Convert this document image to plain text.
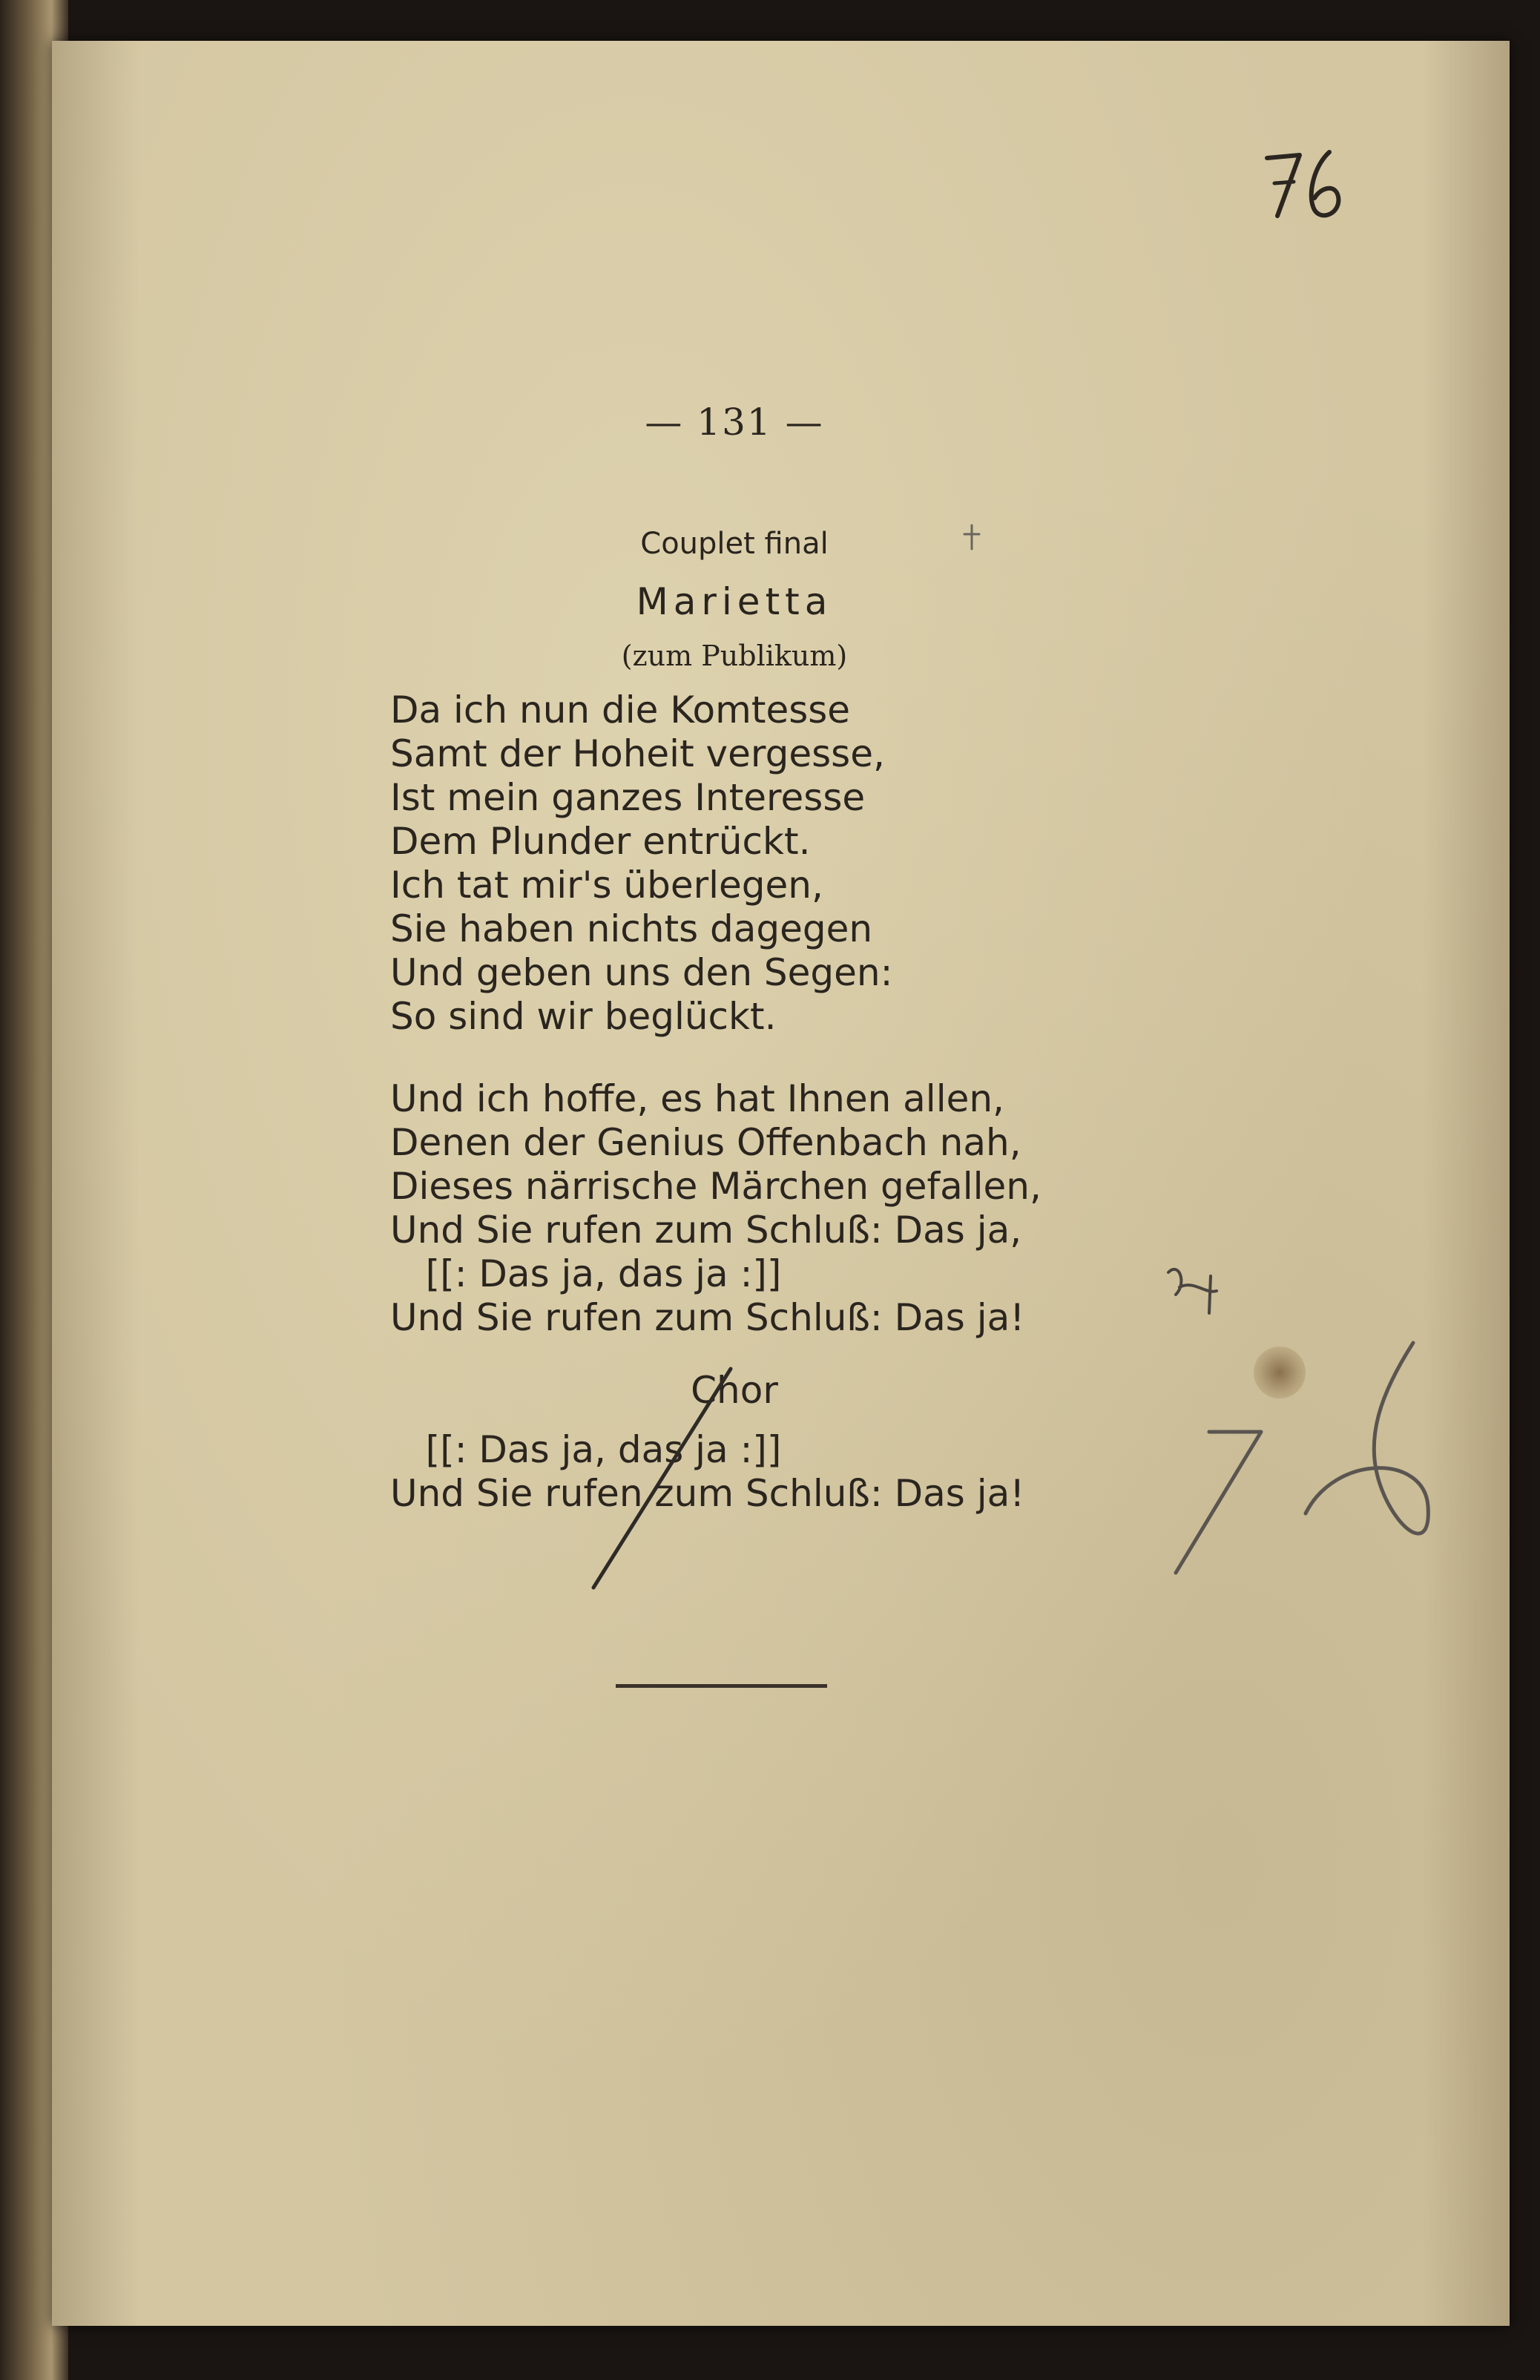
— 131 —
Couplet final
Marietta
(zum Publikum)
Da ich nun die Komtesse
Samt der Hoheit vergesse,
Ist mein ganzes Interesse
Dem Plunder entrückt.
Ich tat mir's überlegen,
Sie haben nichts dagegen
Und geben uns den Segen:
So sind wir beglückt.
Und ich hoffe, es hat Ihnen allen,
Denen der Genius Offenbach nah,
Dieses närrische Märchen gefallen,
Und Sie rufen zum Schluß: Das ja,
[[: Das ja, das ja :]]
Und Sie rufen zum Schluß: Das ja!
Chor
[[: Das ja, das ja :]]
Und Sie rufen zum Schluß: Das ja!
